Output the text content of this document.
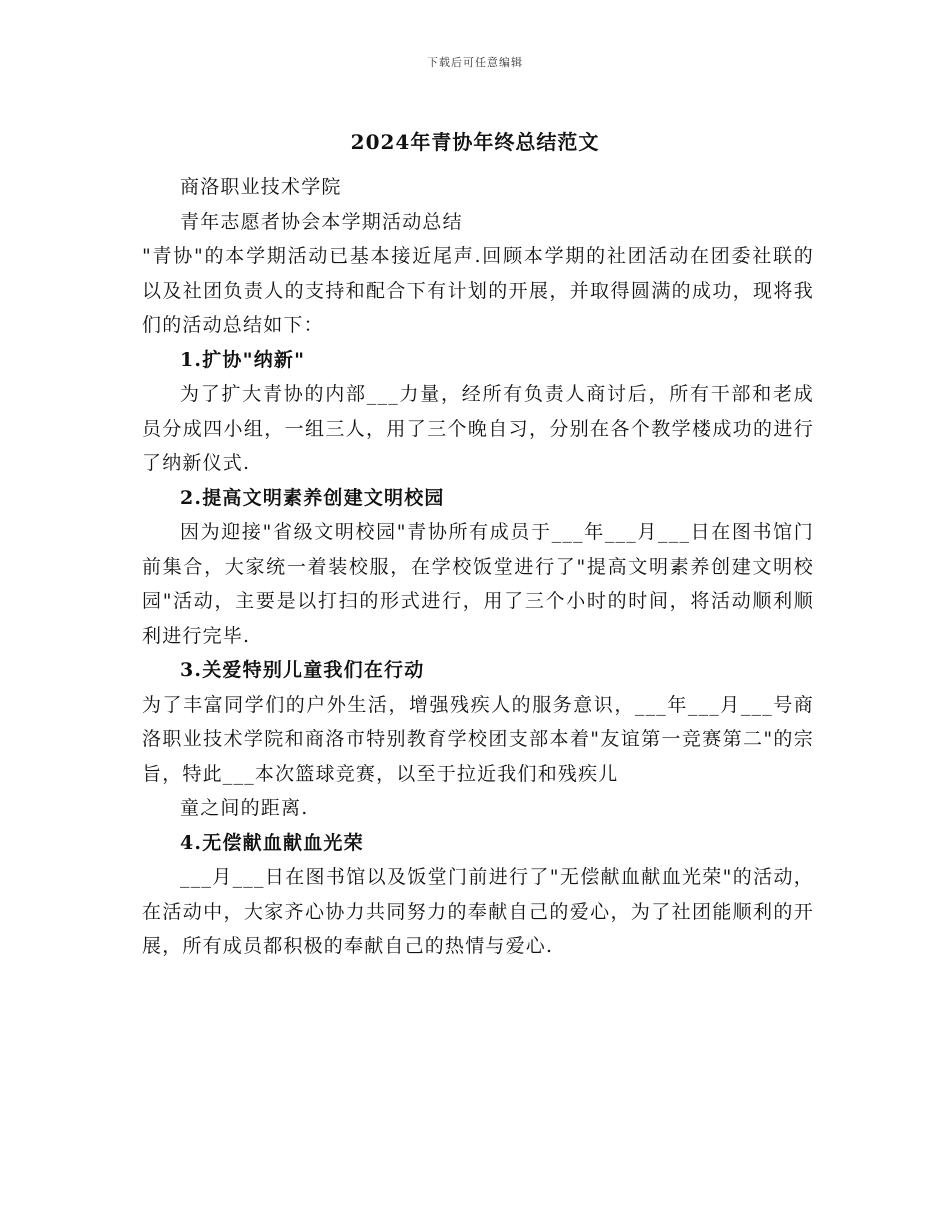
下载后可任意编辑
2024年青协年终总结范文

商洛职业技术学院

青年志愿者协会本学期活动总结

"青协"的本学期活动已基本接近尾声.回顾本学期的社团活动在团委社联的以及社团负责人的支持和配合下有计划的开展，并取得圆满的成功，现将我们的活动总结如下：

1.扩协"纳新"

为了扩大青协的内部___力量，经所有负责人商讨后，所有干部和老成员分成四小组，一组三人，用了三个晚自习，分别在各个教学楼成功的进行了纳新仪式.

2.提高文明素养创建文明校园

因为迎接"省级文明校园"青协所有成员于___年___月___日在图书馆门前集合，大家统一着装校服，在学校饭堂进行了"提高文明素养创建文明校园"活动，主要是以打扫的形式进行，用了三个小时的时间，将活动顺利顺利进行完毕.

3.关爱特别儿童我们在行动

为了丰富同学们的户外生活，增强残疾人的服务意识，___年___月___号商洛职业技术学院和商洛市特别教育学校团支部本着"友谊第一竞赛第二"的宗旨，特此___本次篮球竞赛，以至于拉近我们和残疾儿

童之间的距离.

4.无偿献血献血光荣

___月___日在图书馆以及饭堂门前进行了"无偿献血献血光荣"的活动，在活动中，大家齐心协力共同努力的奉献自己的爱心，为了社团能顺利的开展，所有成员都积极的奉献自己的热情与爱心.
